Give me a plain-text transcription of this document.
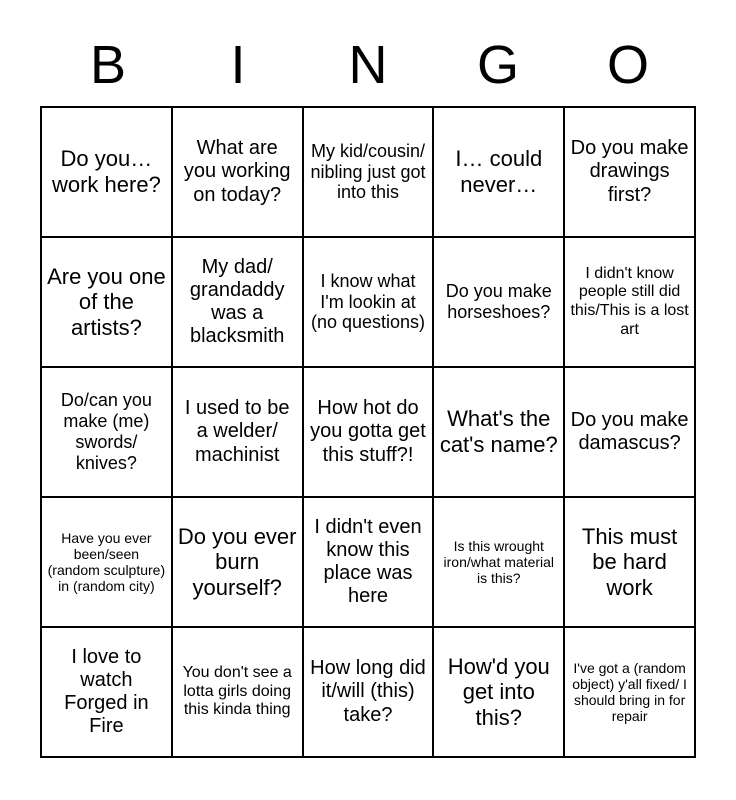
B	I	N	G	O
Do you… work here?	What are you working on today?	My kid/cousin/ nibling just got into this	I… could never…	Do you make drawings first?
Are you one of the artists?	My dad/ grandaddy was a blacksmith	I know what I'm lookin at (no questions)	Do you make horseshoes?	I didn't know people still did this/This is a lost art
Do/can you make (me) swords/ knives?	I used to be a welder/ machinist	How hot do you gotta get this stuff?!	What's the cat's name?	Do you make damascus?
Have you ever been/seen (random sculpture) in (random city)	Do you ever burn yourself?	I didn't even know this place was here	Is this wrought iron/what material is this?	This must be hard work
I love to watch Forged in Fire	You don't see a lotta girls doing this kinda thing	How long did it/will (this) take?	How'd you get into this?	I've got a (random object) y'all fixed/ I should bring in for repair
